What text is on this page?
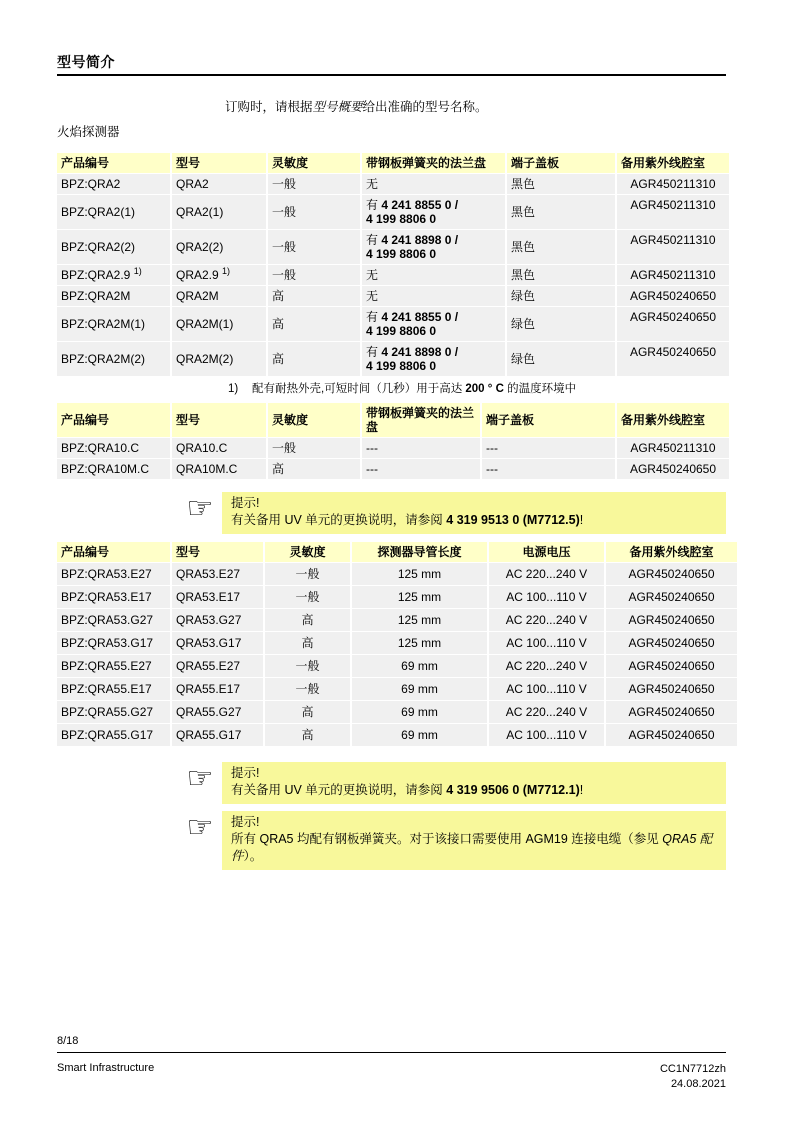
型号简介

订购时，请根据型号概要给出准确的型号名称。

火焰探测器
产品编号	型号	灵敏度	带钢板弹簧夹的法兰盘	端子盖板	备用紫外线腔室
BPZ:QRA2	QRA2	一般	无	黑色	AGR450211310
BPZ:QRA2(1)	QRA2(1)	一般	有 4 241 8855 0 /
4 199 8806 0	黑色	AGR450211310
BPZ:QRA2(2)	QRA2(2)	一般	有 4 241 8898 0 /
4 199 8806 0	黑色	AGR450211310
BPZ:QRA2.9 $^{1)}$	QRA2.9 $^{1)}$	一般	无	黑色	AGR450211310
BPZ:QRA2M	QRA2M	高	无	绿色	AGR450240650
BPZ:QRA2M(1)	QRA2M(1)	高	有 4 241 8855 0 /
4 199 8806 0	绿色	AGR450240650
BPZ:QRA2M(2)	QRA2M(2)	高	有 4 241 8898 0 /
4 199 8806 0	绿色	AGR450240650
1) 配有耐热外壳,可短时间（几秒）用于高达 200 ° C 的温度环境中
产品编号	型号	灵敏度	带钢板弹簧夹的法兰盘	端子盖板	备用紫外线腔室
BPZ:QRA10.C	QRA10.C	一般	---	---	AGR450211310
BPZ:QRA10M.C	QRA10M.C	高	---	---	AGR450240650
☞	提示!
有关备用 UV 单元的更换说明，请参阅 4 319 9513 0 (M7712.5)!
产品编号	型号	灵敏度	探测器导管长度	电源电压	备用紫外线腔室
BPZ:QRA53.E27	QRA53.E27	一般	125 mm	AC 220...240 V	AGR450240650
BPZ:QRA53.E17	QRA53.E17	一般	125 mm	AC 100...110 V	AGR450240650
BPZ:QRA53.G27	QRA53.G27	高	125 mm	AC 220...240 V	AGR450240650
BPZ:QRA53.G17	QRA53.G17	高	125 mm	AC 100...110 V	AGR450240650
BPZ:QRA55.E27	QRA55.E27	一般	69 mm	AC 220...240 V	AGR450240650
BPZ:QRA55.E17	QRA55.E17	一般	69 mm	AC 100...110 V	AGR450240650
BPZ:QRA55.G27	QRA55.G27	高	69 mm	AC 220...240 V	AGR450240650
BPZ:QRA55.G17	QRA55.G17	高	69 mm	AC 100...110 V	AGR450240650
☞	提示!
有关备用 UV 单元的更换说明，请参阅 4 319 9506 0 (M7712.1)!
☞	提示!
所有 QRA5 均配有钢板弹簧夹。对于该接口需要使用 AGM19 连接电缆（参见 QRA5 配件）。
8/18
Smart Infrastructure	CC1N7712zh
24.08.2021
